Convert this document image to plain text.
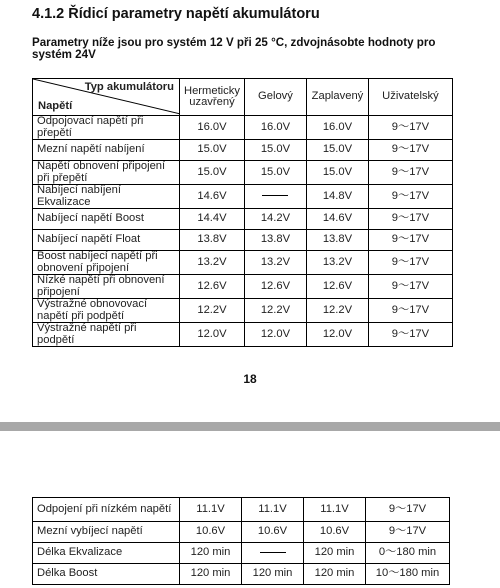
4.1.2 Řídicí parametry napětí akumulátoru
Parametry níže jsou pro systém 12 V při 25 °C, zdvojnásobte hodnoty pro systém 24V
Typ akumulátoru
Napětí	Hermeticky uzavřený	Gelový	Zaplavený	Uživatelský
Odpojovací napětí při přepětí	16.0V	16.0V	16.0V	9～17V
Mezní napětí nabíjení	15.0V	15.0V	15.0V	9～17V
Napětí obnovení připojení při přepětí	15.0V	15.0V	15.0V	9～17V
Nabíjecí nabíjení Ekvalizace	14.6V		14.8V	9～17V
Nabíjecí napětí Boost	14.4V	14.2V	14.6V	9～17V
Nabíjecí napětí Float	13.8V	13.8V	13.8V	9～17V
Boost nabíjecí napětí při obnovení připojení	13.2V	13.2V	13.2V	9～17V
Nízké napětí při obnovení připojení	12.6V	12.6V	12.6V	9～17V
Výstražné obnovovací napětí při podpětí	12.2V	12.2V	12.2V	9～17V
Výstražné napětí při podpětí	12.0V	12.0V	12.0V	9～17V
18
Odpojení při nízkém napětí	11.1V	11.1V	11.1V	9～17V
Mezní vybíjecí napětí	10.6V	10.6V	10.6V	9～17V
Délka Ekvalizace	120 min		120 min	0～180 min
Délka Boost	120 min	120 min	120 min	10～180 min
